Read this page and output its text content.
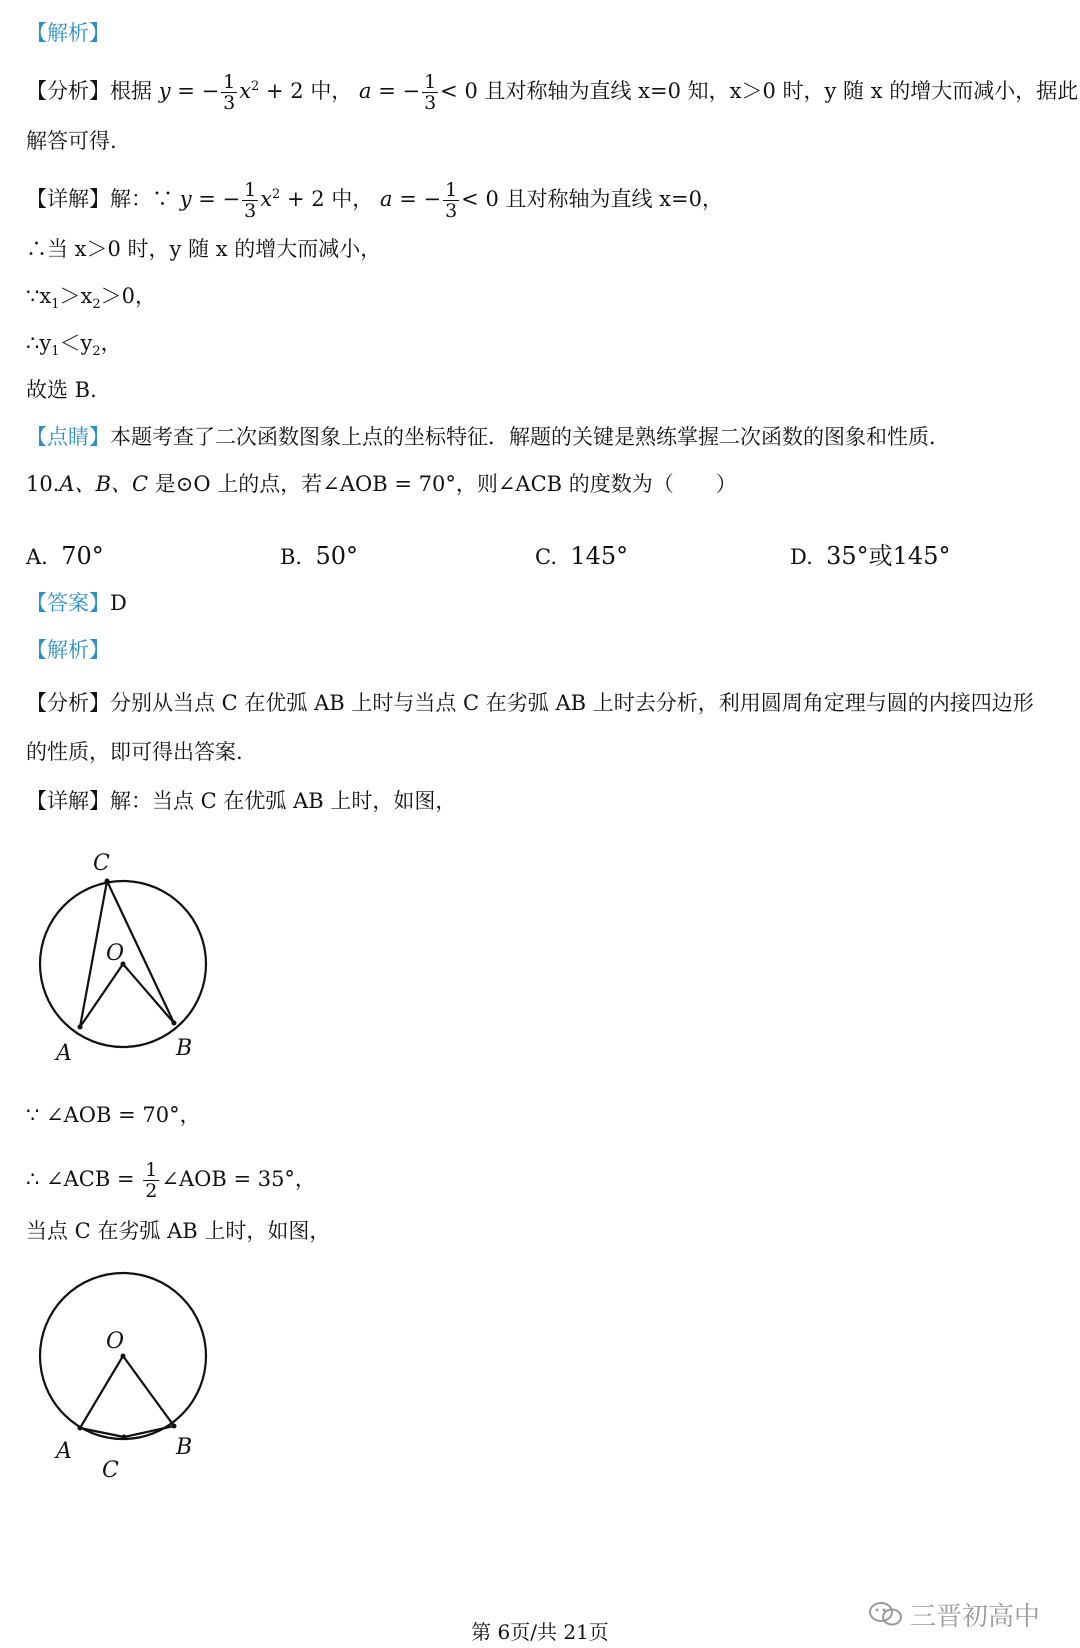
【解析】
【分析】根据 y = − $\frac{1}{3} x^2 + 2$ 中， a = − $\frac{1}{3} < 0$ 且对称轴为直线 x=0 知，x＞0 时，y 随 x 的增大而减小，据此
解答可得.
【详解】解：∵ y = − $\frac{1}{3} x^2 + 2$ 中， a = − $\frac{1}{3} < 0$ 且对称轴为直线 x=0，
∴当 x＞0 时，y 随 x 的增大而减小，
$\because x_1>x_2>0$，
$\therefore y_1<y_2$，
故选 B.
【点睛】本题考查了二次函数图象上点的坐标特征．解题的关键是熟练掌握二次函数的图象和性质．
10.A、B、C 是⊙O 上的点，若∠AOB = 70°，则∠ACB 的度数为（　　）
A. 70°	B. 50°	C. 145°	D. 35°或145°
【答案】D
【解析】
【分析】分别从当点 C 在优弧 AB 上时与当点 C 在劣弧 AB 上时去分析，利用圆周角定理与圆的内接四边形
的性质，即可得出答案.
【详解】解：当点 C 在优弧 AB 上时，如图，
C
O
A	B
∵ ∠AOB = 70°，
∴ ∠ACB = $\frac{1}{2}$ ∠AOB = 35°，
当点 C 在劣弧 AB 上时，如图，
O
A
C
B
三晋初高中
第 6页/共 21页
